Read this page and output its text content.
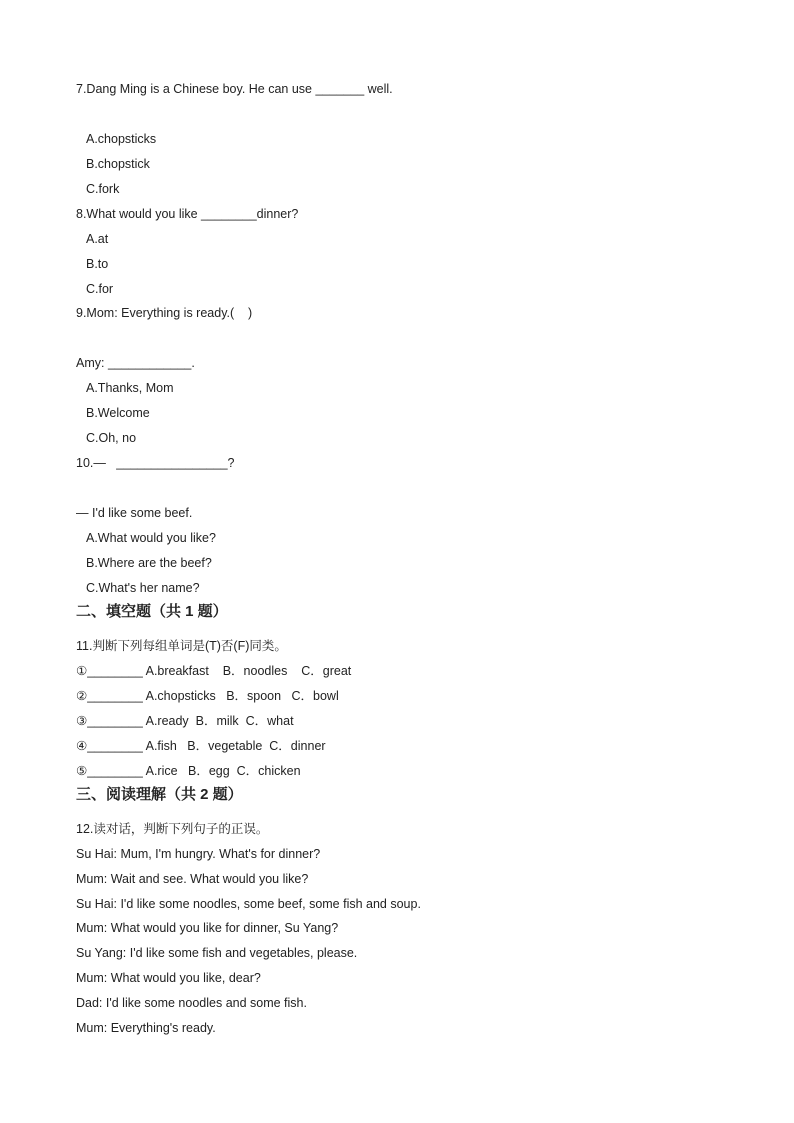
7.Dang Ming is a Chinese boy. He can use _______ well.
A.chopsticks
B.chopstick
C.fork
8.What would you like ________dinner?
A.at
B.to
C.for
9.Mom: Everything is ready.(    )
Amy: ____________.
A.Thanks, Mom
B.Welcome
C.Oh, no
10.—   ________________?
— I'd like some beef.
A.What would you like?
B.Where are the beef?
C.What's her name?
二、填空题（共 1 题）
11.判断下列每组单词是(T)否(F)同类。
①________ A.breakfast    B．noodles    C．great
②________ A.chopsticks   B．spoon   C．bowl
③________ A.ready  B．milk  C．what
④________ A.fish   B．vegetable  C．dinner
⑤________ A.rice   B．egg  C．chicken
三、阅读理解（共 2 题）
12.读对话，判断下列句子的正误。
Su Hai: Mum, I'm hungry. What's for dinner?
Mum: Wait and see. What would you like?
Su Hai: I'd like some noodles, some beef, some fish and soup.
Mum: What would you like for dinner, Su Yang?
Su Yang: I'd like some fish and vegetables, please.
Mum: What would you like, dear?
Dad: I'd like some noodles and some fish.
Mum: Everything's ready.
